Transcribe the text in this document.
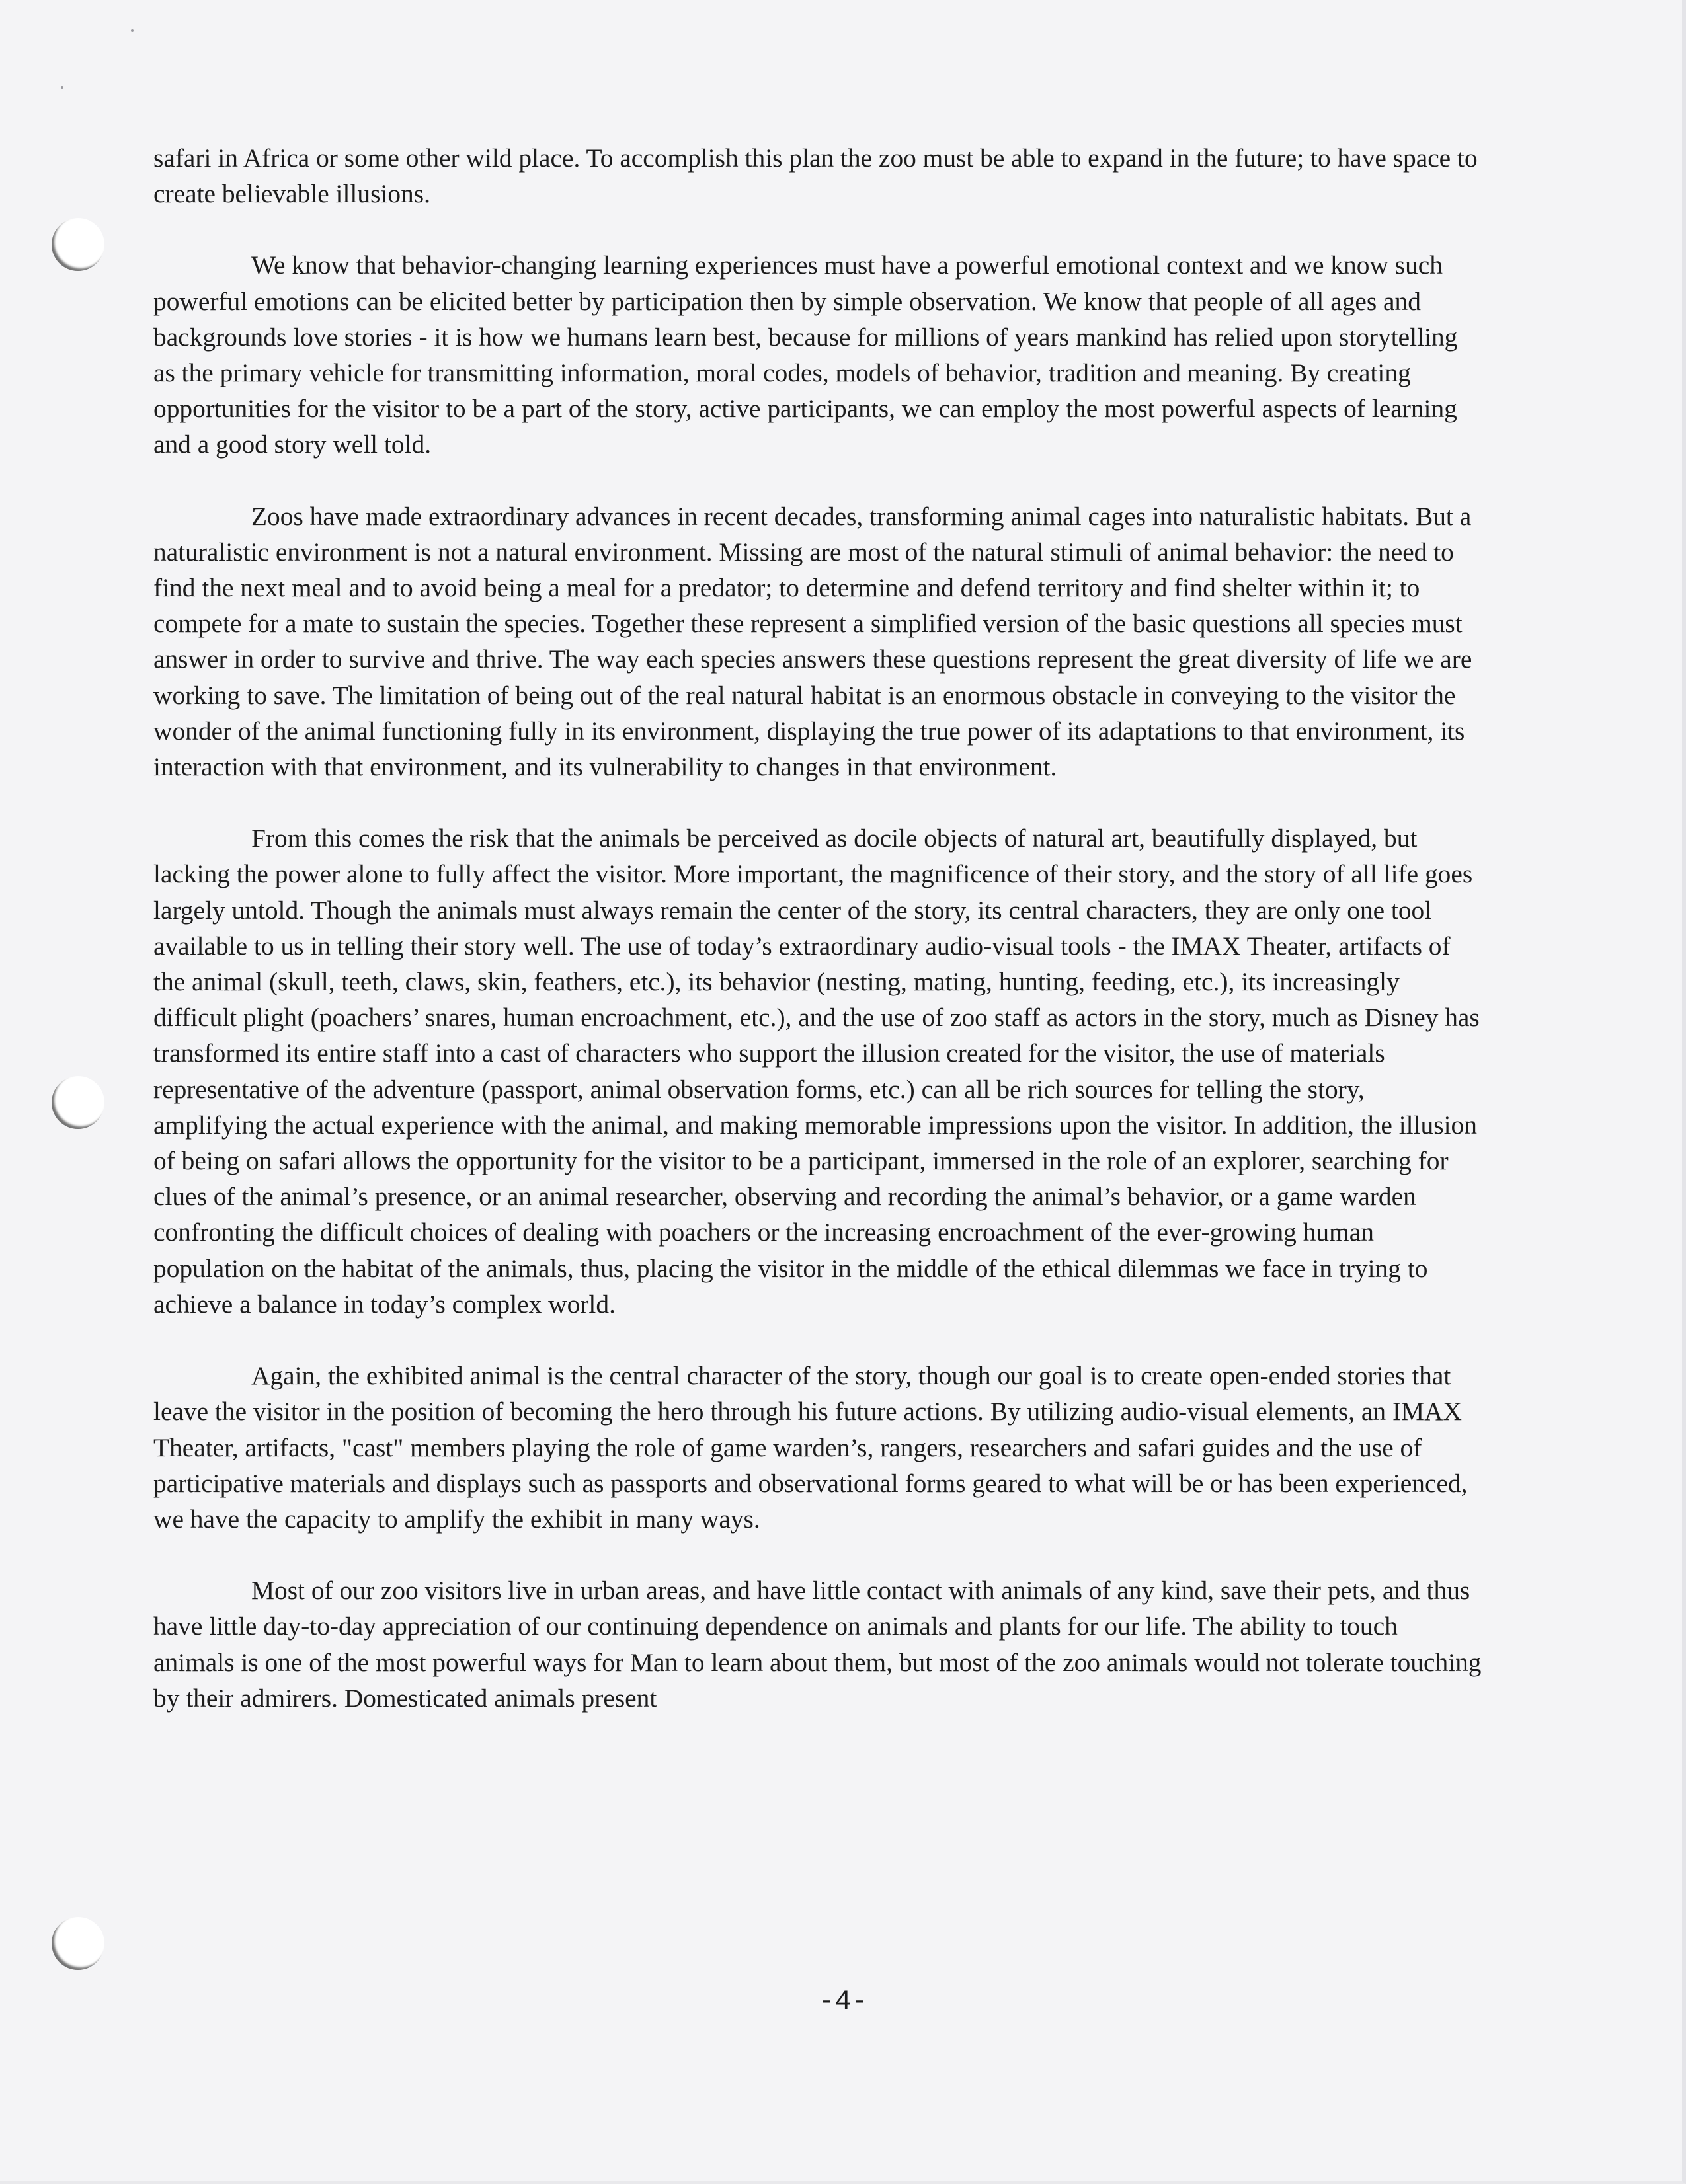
safari in Africa or some other wild place. To accomplish this plan the zoo must be able to expand in the future; to have space to create believable illusions.

We know that behavior-changing learning experiences must have a powerful emotional context and we know such powerful emotions can be elicited better by participation then by simple observation. We know that people of all ages and backgrounds love stories - it is how we humans learn best, because for millions of years mankind has relied upon storytelling as the primary vehicle for transmitting information, moral codes, models of behavior, tradition and meaning. By creating opportunities for the visitor to be a part of the story, active participants, we can employ the most powerful aspects of learning and a good story well told.

Zoos have made extraordinary advances in recent decades, transforming animal cages into naturalistic habitats. But a naturalistic environment is not a natural environment. Missing are most of the natural stimuli of animal behavior: the need to find the next meal and to avoid being a meal for a predator; to determine and defend territory and find shelter within it; to compete for a mate to sustain the species. Together these represent a simplified version of the basic questions all species must answer in order to survive and thrive. The way each species answers these questions represent the great diversity of life we are working to save. The limitation of being out of the real natural habitat is an enormous obstacle in conveying to the visitor the wonder of the animal functioning fully in its environment, displaying the true power of its adaptations to that environment, its interaction with that environment, and its vulnerability to changes in that environment.

From this comes the risk that the animals be perceived as docile objects of natural art, beautifully displayed, but lacking the power alone to fully affect the visitor. More important, the magnificence of their story, and the story of all life goes largely untold. Though the animals must always remain the center of the story, its central characters, they are only one tool available to us in telling their story well. The use of today’s extraordinary audio-visual tools - the IMAX Theater, artifacts of the animal (skull, teeth, claws, skin, feathers, etc.), its behavior (nesting, mating, hunting, feeding, etc.), its increasingly difficult plight (poachers’ snares, human encroachment, etc.), and the use of zoo staff as actors in the story, much as Disney has transformed its entire staff into a cast of characters who support the illusion created for the visitor, the use of materials representative of the adventure (passport, animal observation forms, etc.) can all be rich sources for telling the story, amplifying the actual experience with the animal, and making memorable impressions upon the visitor. In addition, the illusion of being on safari allows the opportunity for the visitor to be a participant, immersed in the role of an explorer, searching for clues of the animal’s presence, or an animal researcher, observing and recording the animal’s behavior, or a game warden confronting the difficult choices of dealing with poachers or the increasing encroachment of the ever-growing human population on the habitat of the animals, thus, placing the visitor in the middle of the ethical dilemmas we face in trying to achieve a balance in today’s complex world.

Again, the exhibited animal is the central character of the story, though our goal is to create open-ended stories that leave the visitor in the position of becoming the hero through his future actions. By utilizing audio-visual elements, an IMAX Theater, artifacts, "cast" members playing the role of game warden’s, rangers, researchers and safari guides and the use of participative materials and displays such as passports and observational forms geared to what will be or has been experienced, we have the capacity to amplify the exhibit in many ways.

Most of our zoo visitors live in urban areas, and have little contact with animals of any kind, save their pets, and thus have little day-to-day appreciation of our continuing dependence on animals and plants for our life. The ability to touch animals is one of the most powerful ways for Man to learn about them, but most of the zoo animals would not tolerate touching by their admirers. Domesticated animals present

-4-
